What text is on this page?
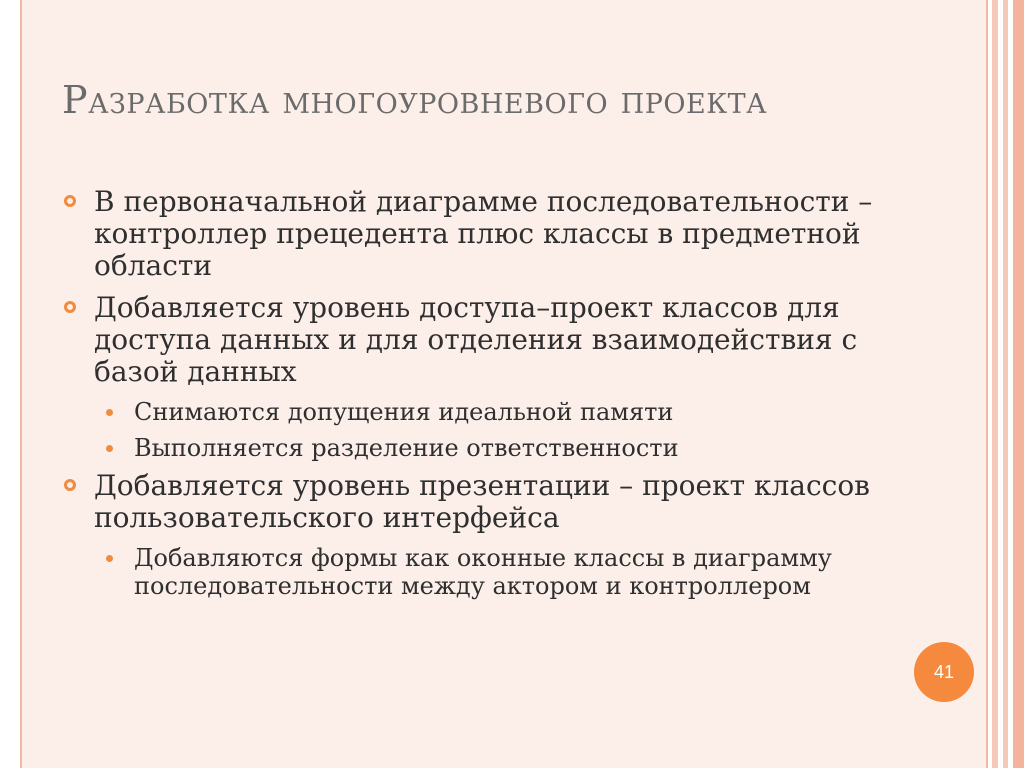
Разработка многоуровневого проекта
В первоначальной диаграмме последовательности – контроллер прецедента плюс классы в предметной области
Добавляется уровень доступа–проект классов для доступа данных и для отделения взаимодействия с базой данных
Снимаются допущения идеальной памяти
Выполняется разделение ответственности
Добавляется уровень презентации – проект классов пользовательского интерфейса
Добавляются формы как оконные классы в диаграмму последовательности между актором и контроллером
41
